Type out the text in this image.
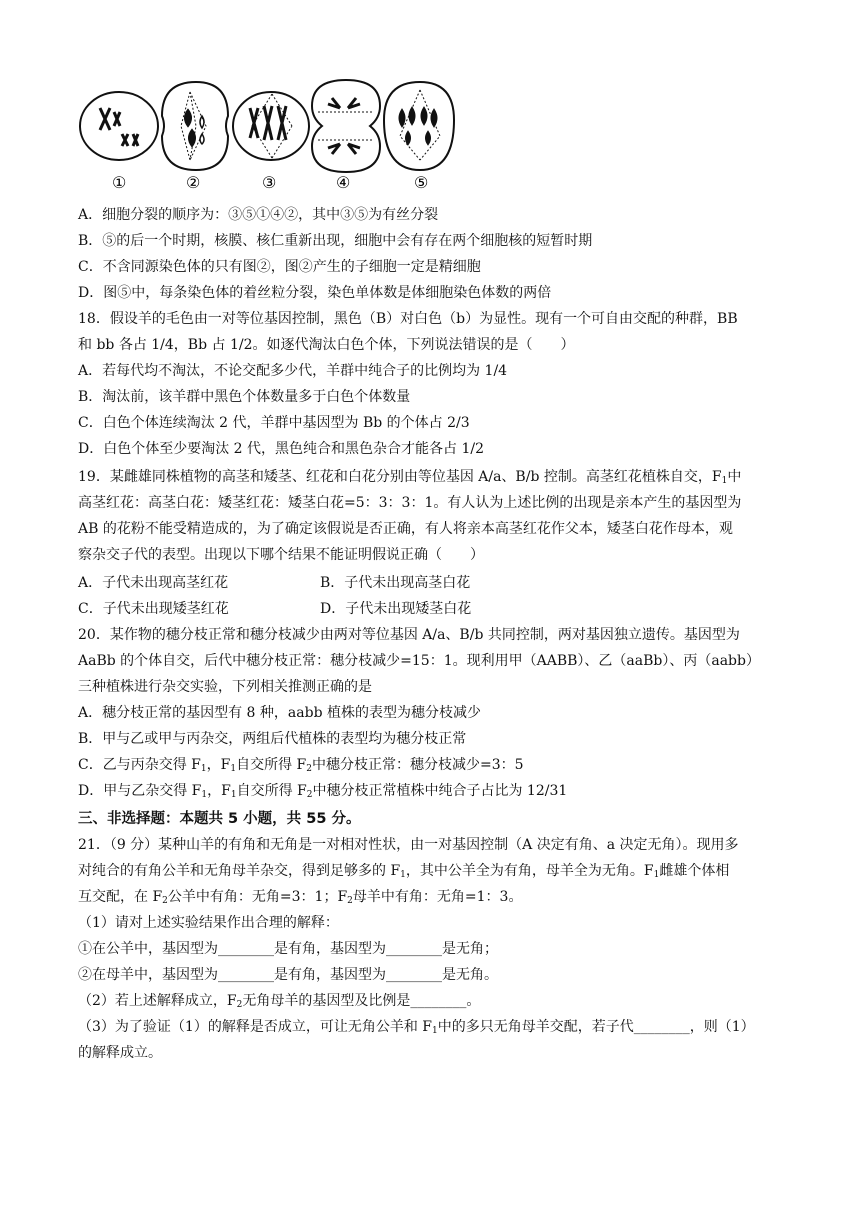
①	②	③	④	⑤
A．细胞分裂的顺序为：③⑤①④②，其中③⑤为有丝分裂
B．⑤的后一个时期，核膜、核仁重新出现，细胞中会有存在两个细胞核的短暂时期
C．不含同源染色体的只有图②，图②产生的子细胞一定是精细胞
D．图⑤中，每条染色体的着丝粒分裂，染色单体数是体细胞染色体数的两倍
18．假设羊的毛色由一对等位基因控制，黑色（B）对白色（b）为显性。现有一个可自由交配的种群，BB
和 bb 各占 1/4，Bb 占 1/2。如逐代淘汰白色个体，下列说法错误的是（　　）
A．若每代均不淘汰，不论交配多少代，羊群中纯合子的比例均为 1/4
B．淘汰前，该羊群中黑色个体数量多于白色个体数量
C．白色个体连续淘汰 2 代，羊群中基因型为 Bb 的个体占 2/3
D．白色个体至少要淘汰 2 代，黑色纯合和黑色杂合才能各占 1/2
19．某雌雄同株植物的高茎和矮茎、红花和白花分别由等位基因 A/a、B/b 控制。高茎红花植株自交，$F_1$中
高茎红花：高茎白花：矮茎红花：矮茎白花=5：3：3：1。有人认为上述比例的出现是亲本产生的基因型为
AB 的花粉不能受精造成的，为了确定该假说是否正确，有人将亲本高茎红花作父本，矮茎白花作母本，观
察杂交子代的表型。出现以下哪个结果不能证明假说正确（　　）
A．子代未出现高茎红花	B．子代未出现高茎白花
C．子代未出现矮茎红花	D．子代未出现矮茎白花
20．某作物的穗分枝正常和穗分枝减少由两对等位基因 A/a、B/b 共同控制，两对基因独立遗传。基因型为
AaBb 的个体自交，后代中穗分枝正常：穗分枝减少=15：1。现利用甲（AABB）、乙（aaBb）、丙（aabb）
三种植株进行杂交实验，下列相关推测正确的是
A．穗分枝正常的基因型有 8 种，aabb 植株的表型为穗分枝减少
B．甲与乙或甲与丙杂交，两组后代植株的表型均为穗分枝正常
C．乙与丙杂交得 $F_1$，$F_1$自交所得 $F_2$中穗分枝正常：穗分枝减少=3：5
D．甲与乙杂交得 $F_1$，$F_1$自交所得 $F_2$中穗分枝正常植株中纯合子占比为 12/31
三、非选择题：本题共 5 小题，共 55 分。
21．（9 分）某种山羊的有角和无角是一对相对性状，由一对基因控制（A 决定有角、a 决定无角）。现用多
对纯合的有角公羊和无角母羊杂交，得到足够多的 $F_1$，其中公羊全为有角，母羊全为无角。$F_1$雌雄个体相
互交配，在 $F_2$公羊中有角：无角=3：1；$F_2$母羊中有角：无角=1：3。
（1）请对上述实验结果作出合理的解释：
①在公羊中，基因型为________是有角，基因型为________是无角；
②在母羊中，基因型为________是有角，基因型为________是无角。
（2）若上述解释成立，$F_2$无角母羊的基因型及比例是________。
（3）为了验证（1）的解释是否成立，可让无角公羊和 $F_1$中的多只无角母羊交配，若子代________，则（1）
的解释成立。
